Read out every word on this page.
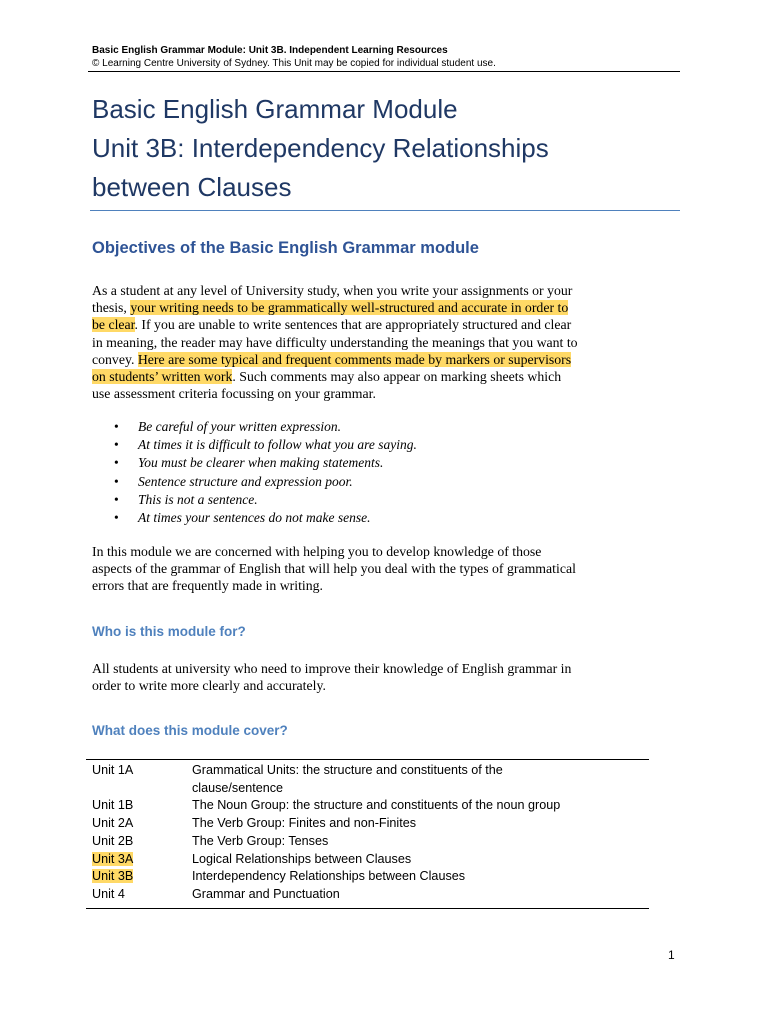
Basic English Grammar Module: Unit 3B. Independent Learning Resources
© Learning Centre University of Sydney. This Unit may be copied for individual student use.
Basic English Grammar Module
Unit 3B: Interdependency Relationships
between Clauses
Objectives of the Basic English Grammar module
As a student at any level of University study, when you write your assignments or your
thesis, your writing needs to be grammatically well-structured and accurate in order to
be clear. If you are unable to write sentences that are appropriately structured and clear
in meaning, the reader may have difficulty understanding the meanings that you want to
convey. Here are some typical and frequent comments made by markers or supervisors
on students’ written work. Such comments may also appear on marking sheets which
use assessment criteria focussing on your grammar.
• Be careful of your written expression.
• At times it is difficult to follow what you are saying.
• You must be clearer when making statements.
• Sentence structure and expression poor.
• This is not a sentence.
• At times your sentences do not make sense.
In this module we are concerned with helping you to develop knowledge of those
aspects of the grammar of English that will help you deal with the types of grammatical
errors that are frequently made in writing.
Who is this module for?
All students at university who need to improve their knowledge of English grammar in
order to write more clearly and accurately.
What does this module cover?
Unit 1A	Grammatical Units: the structure and constituents of the
clause/sentence
Unit 1B	The Noun Group: the structure and constituents of the noun group
Unit 2A	The Verb Group: Finites and non-Finites
Unit 2B	The Verb Group: Tenses
Unit 3A	Logical Relationships between Clauses
Unit 3B	Interdependency Relationships between Clauses
Unit 4	Grammar and Punctuation
1
